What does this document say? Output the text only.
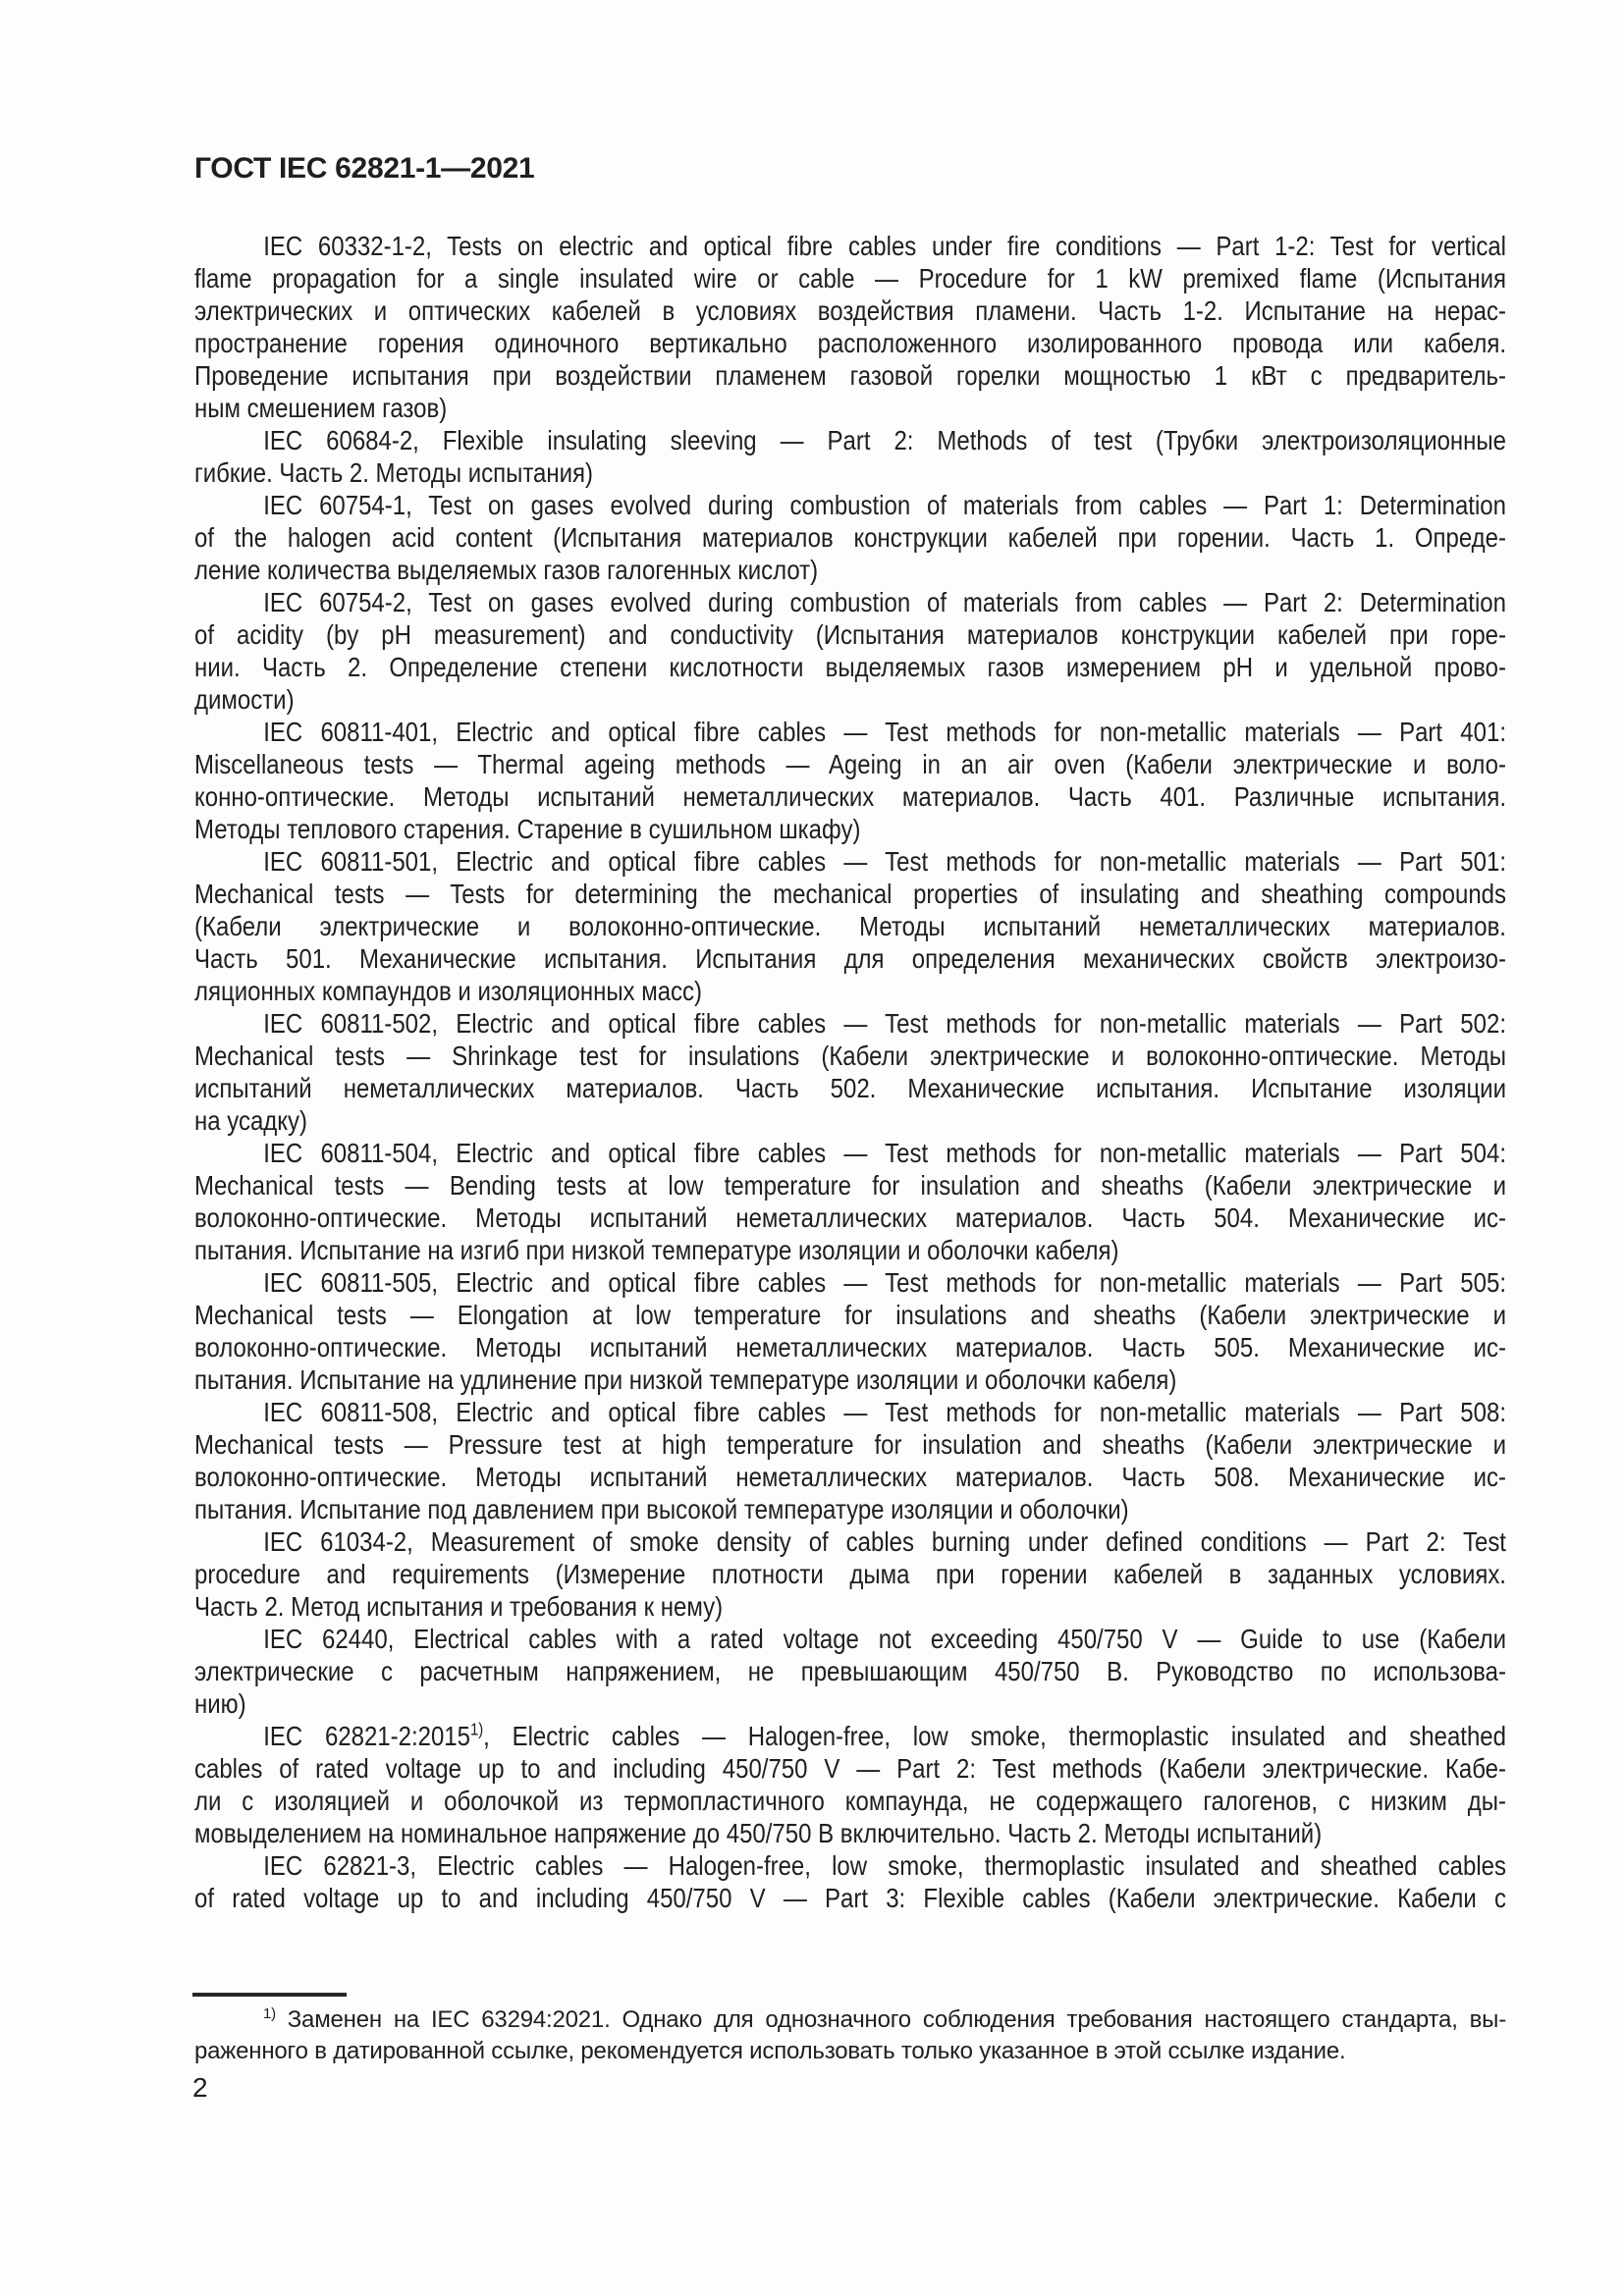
ГОСТ IEC 62821-1—2021
IEC 60332-1-2, Tests on electric and optical fibre cables under fire conditions — Part 1-2: Test for vertical
flame propagation for a single insulated wire or cable — Procedure for 1 kW premixed flame (Испытания
электрических и оптических кабелей в условиях воздействия пламени. Часть 1-2. Испытание на нерас-
пространение горения одиночного вертикально расположенного изолированного провода или кабеля.
Проведение испытания при воздействии пламенем газовой горелки мощностью 1 кВт с предваритель-
ным смешением газов)
IEC 60684-2, Flexible insulating sleeving — Part 2: Methods of test (Трубки электроизоляционные
гибкие. Часть 2. Методы испытания)
IEC 60754-1, Test on gases evolved during combustion of materials from cables — Part 1: Determination
of the halogen acid content (Испытания материалов конструкции кабелей при горении. Часть 1. Опреде-
ление количества выделяемых газов галогенных кислот)
IEC 60754-2, Test on gases evolved during combustion of materials from cables — Part 2: Determination
of acidity (by pH measurement) and conductivity (Испытания материалов конструкции кабелей при горе-
нии. Часть 2. Определение степени кислотности выделяемых газов измерением pH и удельной прово-
димости)
IEC 60811-401, Electric and optical fibre cables — Test methods for non-metallic materials — Part 401:
Miscellaneous tests — Thermal ageing methods — Ageing in an air oven (Кабели электрические и воло-
конно-оптические. Методы испытаний неметаллических материалов. Часть 401. Различные испытания.
Методы теплового старения. Старение в сушильном шкафу)
IEC 60811-501, Electric and optical fibre cables — Test methods for non-metallic materials — Part 501:
Mechanical tests — Tests for determining the mechanical properties of insulating and sheathing compounds
(Кабели электрические и волоконно-оптические. Методы испытаний неметаллических материалов.
Часть 501. Механические испытания. Испытания для определения механических свойств электроизо-
ляционных компаундов и изоляционных масс)
IEC 60811-502, Electric and optical fibre cables — Test methods for non-metallic materials — Part 502:
Mechanical tests — Shrinkage test for insulations (Кабели электрические и волоконно-оптические. Методы
испытаний неметаллических материалов. Часть 502. Механические испытания. Испытание изоляции
на усадку)
IEC 60811-504, Electric and optical fibre cables — Test methods for non-metallic materials — Part 504:
Mechanical tests — Bending tests at low temperature for insulation and sheaths (Кабели электрические и
волоконно-оптические. Методы испытаний неметаллических материалов. Часть 504. Механические ис-
пытания. Испытание на изгиб при низкой температуре изоляции и оболочки кабеля)
IEC 60811-505, Electric and optical fibre cables — Test methods for non-metallic materials — Part 505:
Mechanical tests — Elongation at low temperature for insulations and sheaths (Кабели электрические и
волоконно-оптические. Методы испытаний неметаллических материалов. Часть 505. Механические ис-
пытания. Испытание на удлинение при низкой температуре изоляции и оболочки кабеля)
IEC 60811-508, Electric and optical fibre cables — Test methods for non-metallic materials — Part 508:
Mechanical tests — Pressure test at high temperature for insulation and sheaths (Кабели электрические и
волоконно-оптические. Методы испытаний неметаллических материалов. Часть 508. Механические ис-
пытания. Испытание под давлением при высокой температуре изоляции и оболочки)
IEC 61034-2, Measurement of smoke density of cables burning under defined conditions — Part 2: Test
procedure and requirements (Измерение плотности дыма при горении кабелей в заданных условиях.
Часть 2. Метод испытания и требования к нему)
IEC 62440, Electrical cables with a rated voltage not exceeding 450/750 V — Guide to use (Кабели
электрические с расчетным напряжением, не превышающим 450/750 В. Руководство по использова-
нию)
IEC 62821-2:2015$^{1)}$, Electric cables — Halogen-free, low smoke, thermoplastic insulated and sheathed
cables of rated voltage up to and including 450/750 V — Part 2: Test methods (Кабели электрические. Кабе-
ли с изоляцией и оболочкой из термопластичного компаунда, не содержащего галогенов, с низким ды-
мовыделением на номинальное напряжение до 450/750 В включительно. Часть 2. Методы испытаний)
IEC 62821-3, Electric cables — Halogen-free, low smoke, thermoplastic insulated and sheathed cables
of rated voltage up to and including 450/750 V — Part 3: Flexible cables (Кабели электрические. Кабели с
$^{1)}$ Заменен на IEC 63294:2021. Однако для однозначного соблюдения требования настоящего стандарта, вы-
раженного в датированной ссылке, рекомендуется использовать только указанное в этой ссылке издание.
2
